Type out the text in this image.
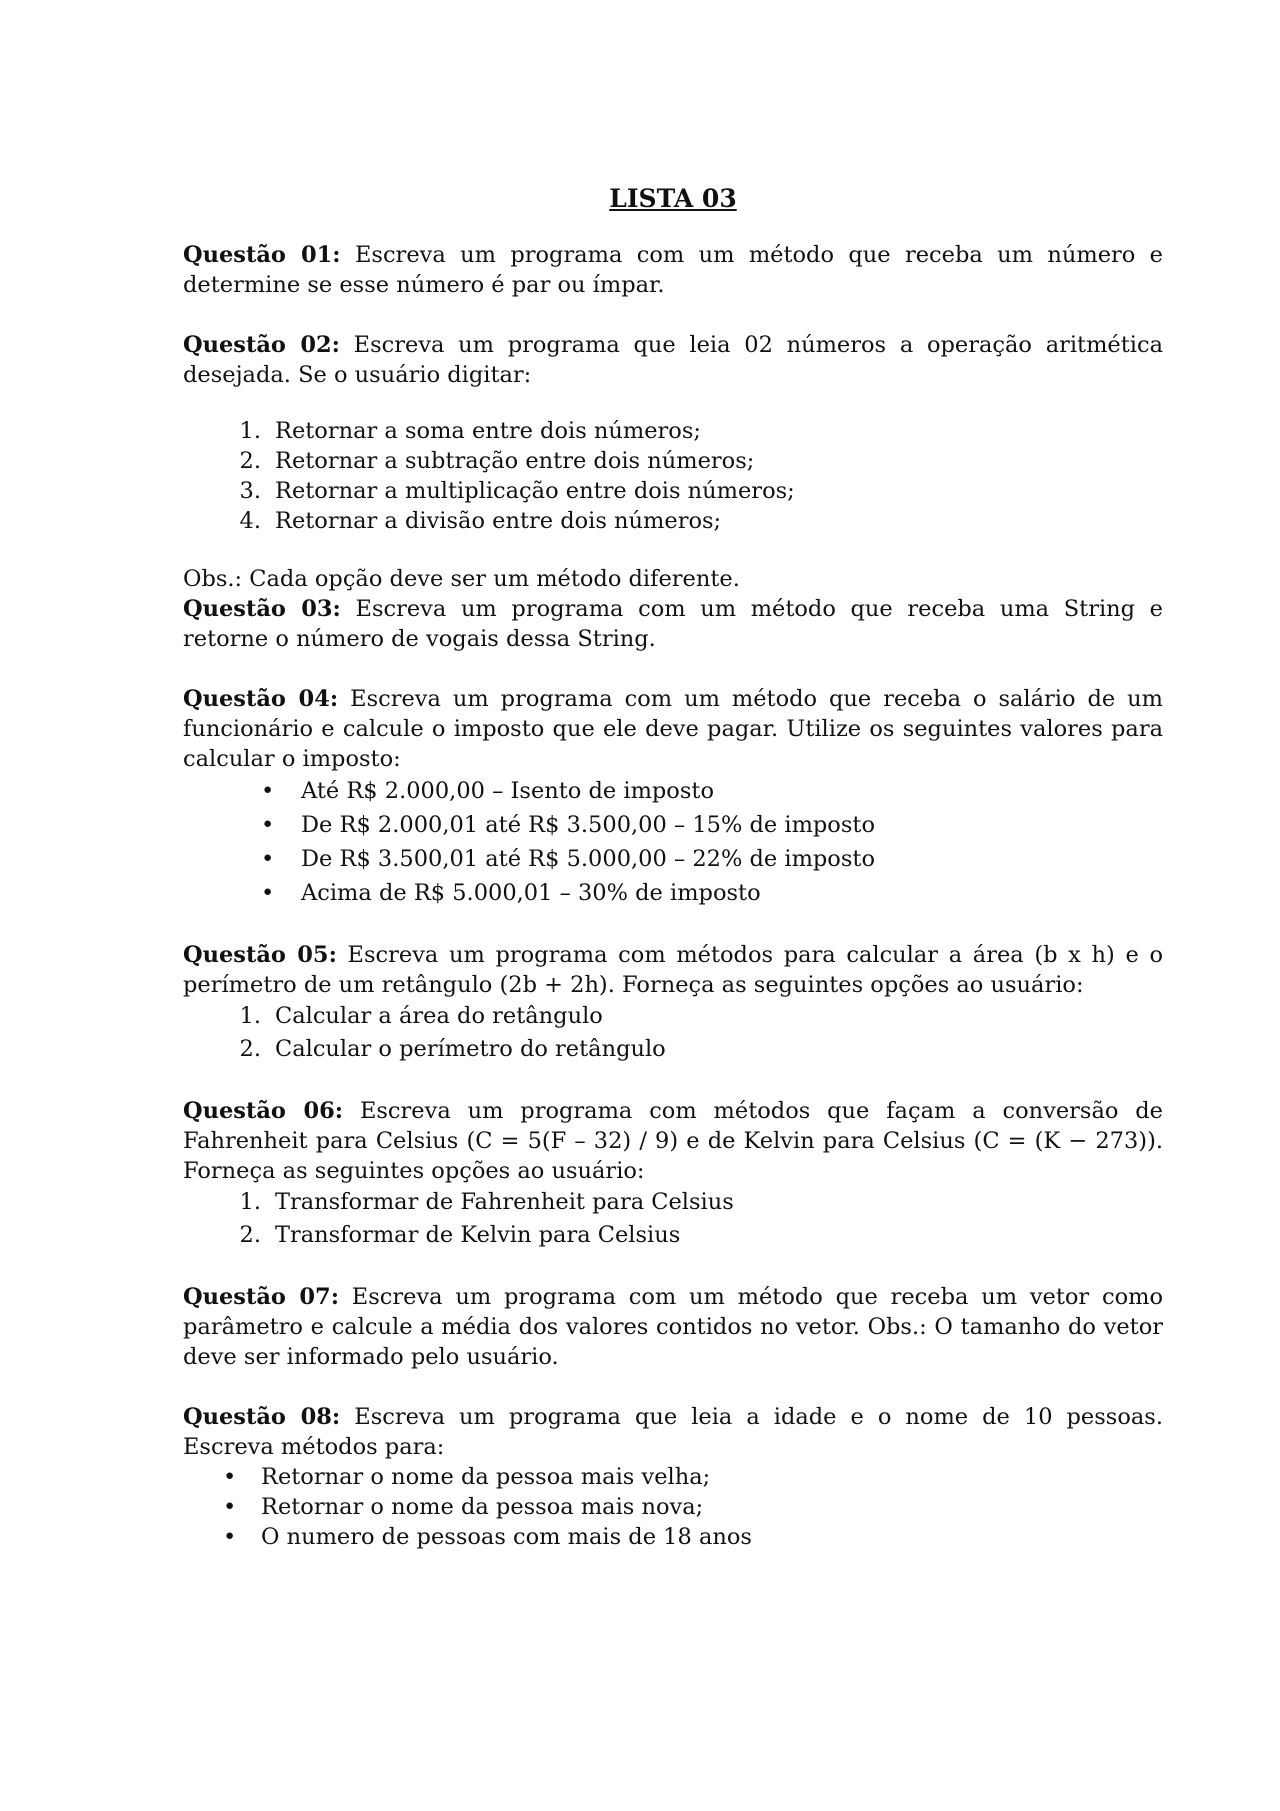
LISTA 03

Questão 01: Escreva um programa com um método que receba um número e determine se esse número é par ou ímpar.

Questão 02: Escreva um programa que leia 02 números a operação aritmética desejada. Se o usuário digitar:

1. Retornar a soma entre dois números;
2. Retornar a subtração entre dois números;
3. Retornar a multiplicação entre dois números;
4. Retornar a divisão entre dois números;

Obs.: Cada opção deve ser um método diferente.

Questão 03: Escreva um programa com um método que receba uma String e retorne o número de vogais dessa String.

Questão 04: Escreva um programa com um método que receba o salário de um funcionário e calcule o imposto que ele deve pagar. Utilize os seguintes valores para calcular o imposto:

•	Até R$ 2.000,00 – Isento de imposto
•	De R$ 2.000,01 até R$ 3.500,00 – 15% de imposto
•	De R$ 3.500,01 até R$ 5.000,00 – 22% de imposto
•	Acima de R$ 5.000,01 – 30% de imposto

Questão 05: Escreva um programa com métodos para calcular a área (b x h) e o perímetro de um retângulo (2b + 2h). Forneça as seguintes opções ao usuário:

1. Calcular a área do retângulo
2. Calcular o perímetro do retângulo

Questão 06: Escreva um programa com métodos que façam a conversão de Fahrenheit para Celsius (C = 5(F – 32) / 9) e de Kelvin para Celsius (C = (K − 273)). Forneça as seguintes opções ao usuário:

1. Transformar de Fahrenheit para Celsius
2. Transformar de Kelvin para Celsius

Questão 07: Escreva um programa com um método que receba um vetor como parâmetro e calcule a média dos valores contidos no vetor. Obs.: O tamanho do vetor deve ser informado pelo usuário.

Questão 08: Escreva um programa que leia a idade e o nome de 10 pessoas. Escreva métodos para:

•	Retornar o nome da pessoa mais velha;
•	Retornar o nome da pessoa mais nova;
•	O numero de pessoas com mais de 18 anos
